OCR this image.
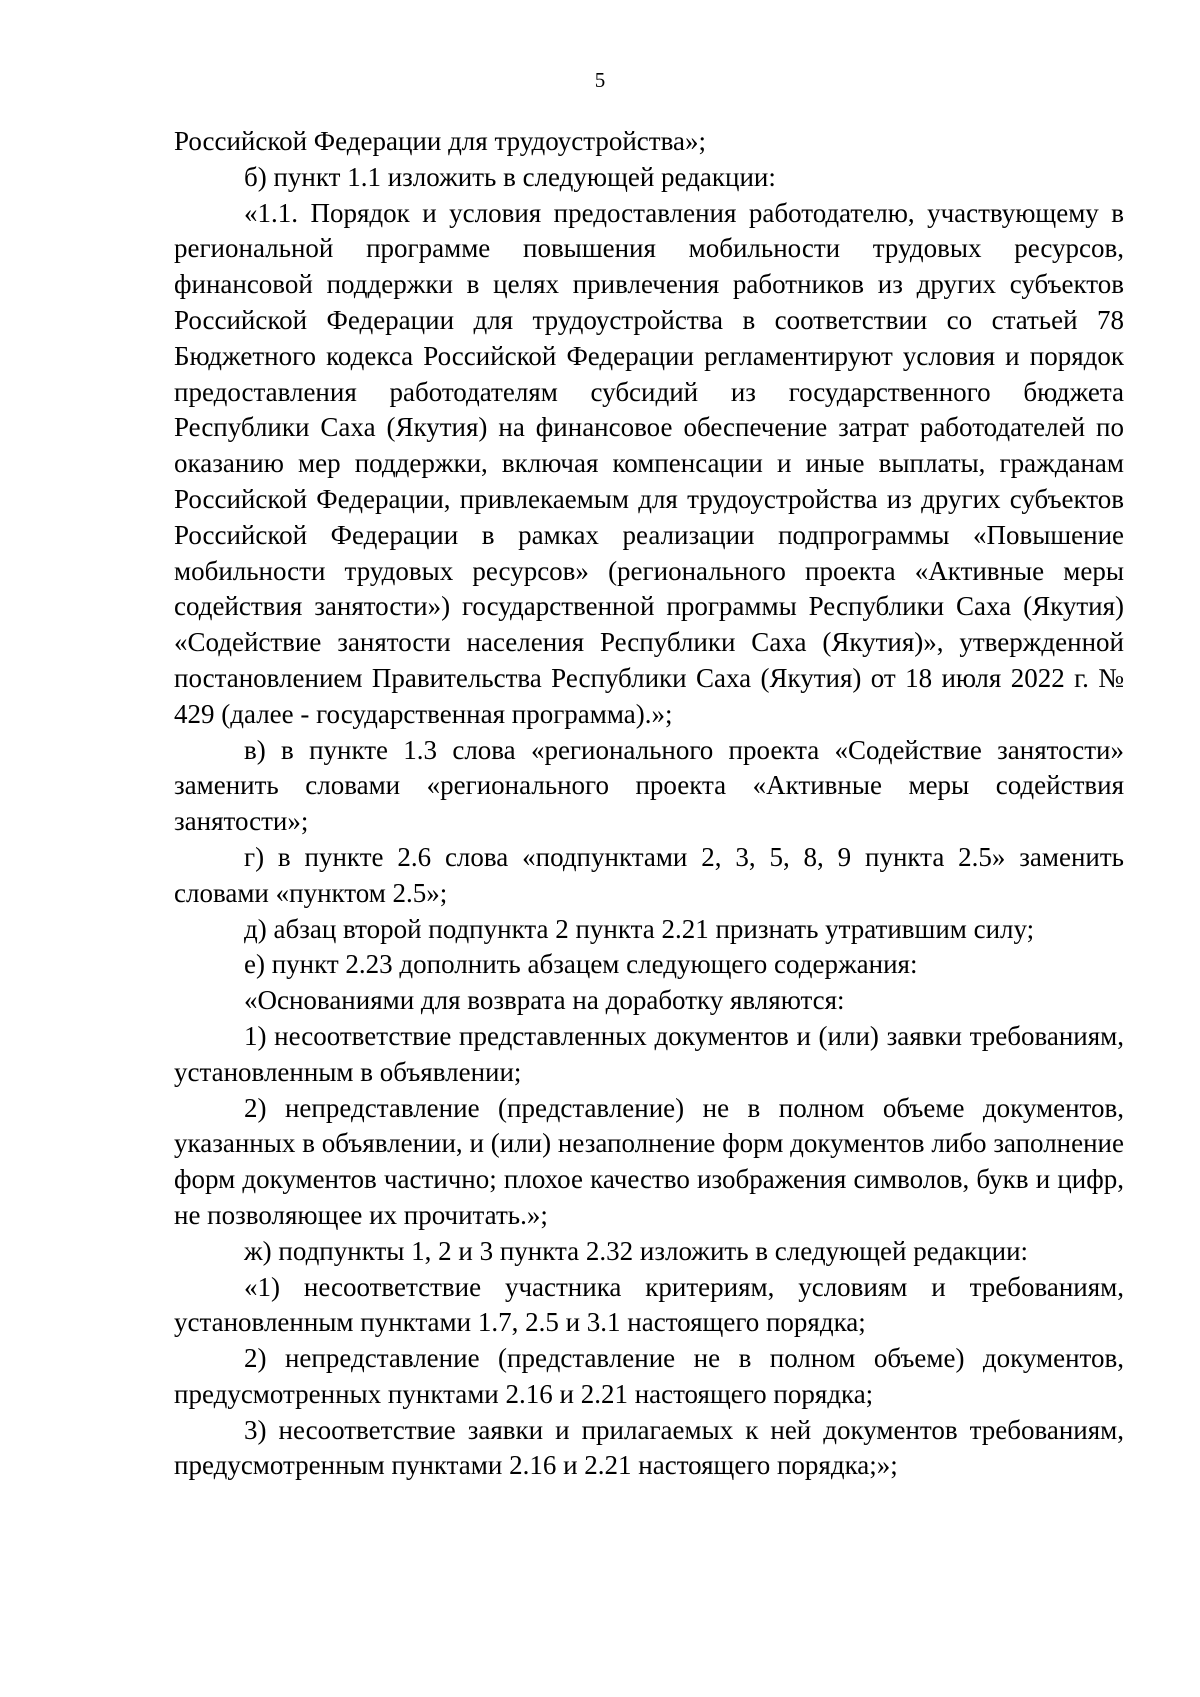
5

Российской Федерации для трудоустройства»;

б) пункт 1.1 изложить в следующей редакции:

«1.1. Порядок и условия предоставления работодателю, участвующему в региональной программе повышения мобильности трудовых ресурсов, финансовой поддержки в целях привлечения работников из других субъектов Российской Федерации для трудоустройства в соответствии со статьей 78 Бюджетного кодекса Российской Федерации регламентируют условия и порядок предоставления работодателям субсидий из государственного бюджета Республики Саха (Якутия) на финансовое обеспечение затрат работодателей по оказанию мер поддержки, включая компенсации и иные выплаты, гражданам Российской Федерации, привлекаемым для трудоустройства из других субъектов Российской Федерации в рамках реализации подпрограммы «Повышение мобильности трудовых ресурсов» (регионального проекта «Активные меры содействия занятости») государственной программы Республики Саха (Якутия) «Содействие занятости населения Республики Саха (Якутия)», утвержденной постановлением Правительства Республики Саха (Якутия) от 18 июля 2022 г. № 429 (далее - государственная программа).»;

в) в пункте 1.3 слова «регионального проекта «Содействие занятости» заменить словами «регионального проекта «Активные меры содействия занятости»;

г) в пункте 2.6 слова «подпунктами 2, 3, 5, 8, 9 пункта 2.5» заменить словами «пунктом 2.5»;

д) абзац второй подпункта 2 пункта 2.21 признать утратившим силу;

е) пункт 2.23 дополнить абзацем следующего содержания:

«Основаниями для возврата на доработку являются:

1) несоответствие представленных документов и (или) заявки требованиям, установленным в объявлении;

2) непредставление (представление) не в полном объеме документов, указанных в объявлении, и (или) незаполнение форм документов либо заполнение форм документов частично; плохое качество изображения символов, букв и цифр, не позволяющее их прочитать.»;

ж) подпункты 1, 2 и 3 пункта 2.32 изложить в следующей редакции:

«1) несоответствие участника критериям, условиям и требованиям, установленным пунктами 1.7, 2.5 и 3.1 настоящего порядка;

2) непредставление (представление не в полном объеме) документов, предусмотренных пунктами 2.16 и 2.21 настоящего порядка;

3) несоответствие заявки и прилагаемых к ней документов требованиям, предусмотренным пунктами 2.16 и 2.21 настоящего порядка;»;
